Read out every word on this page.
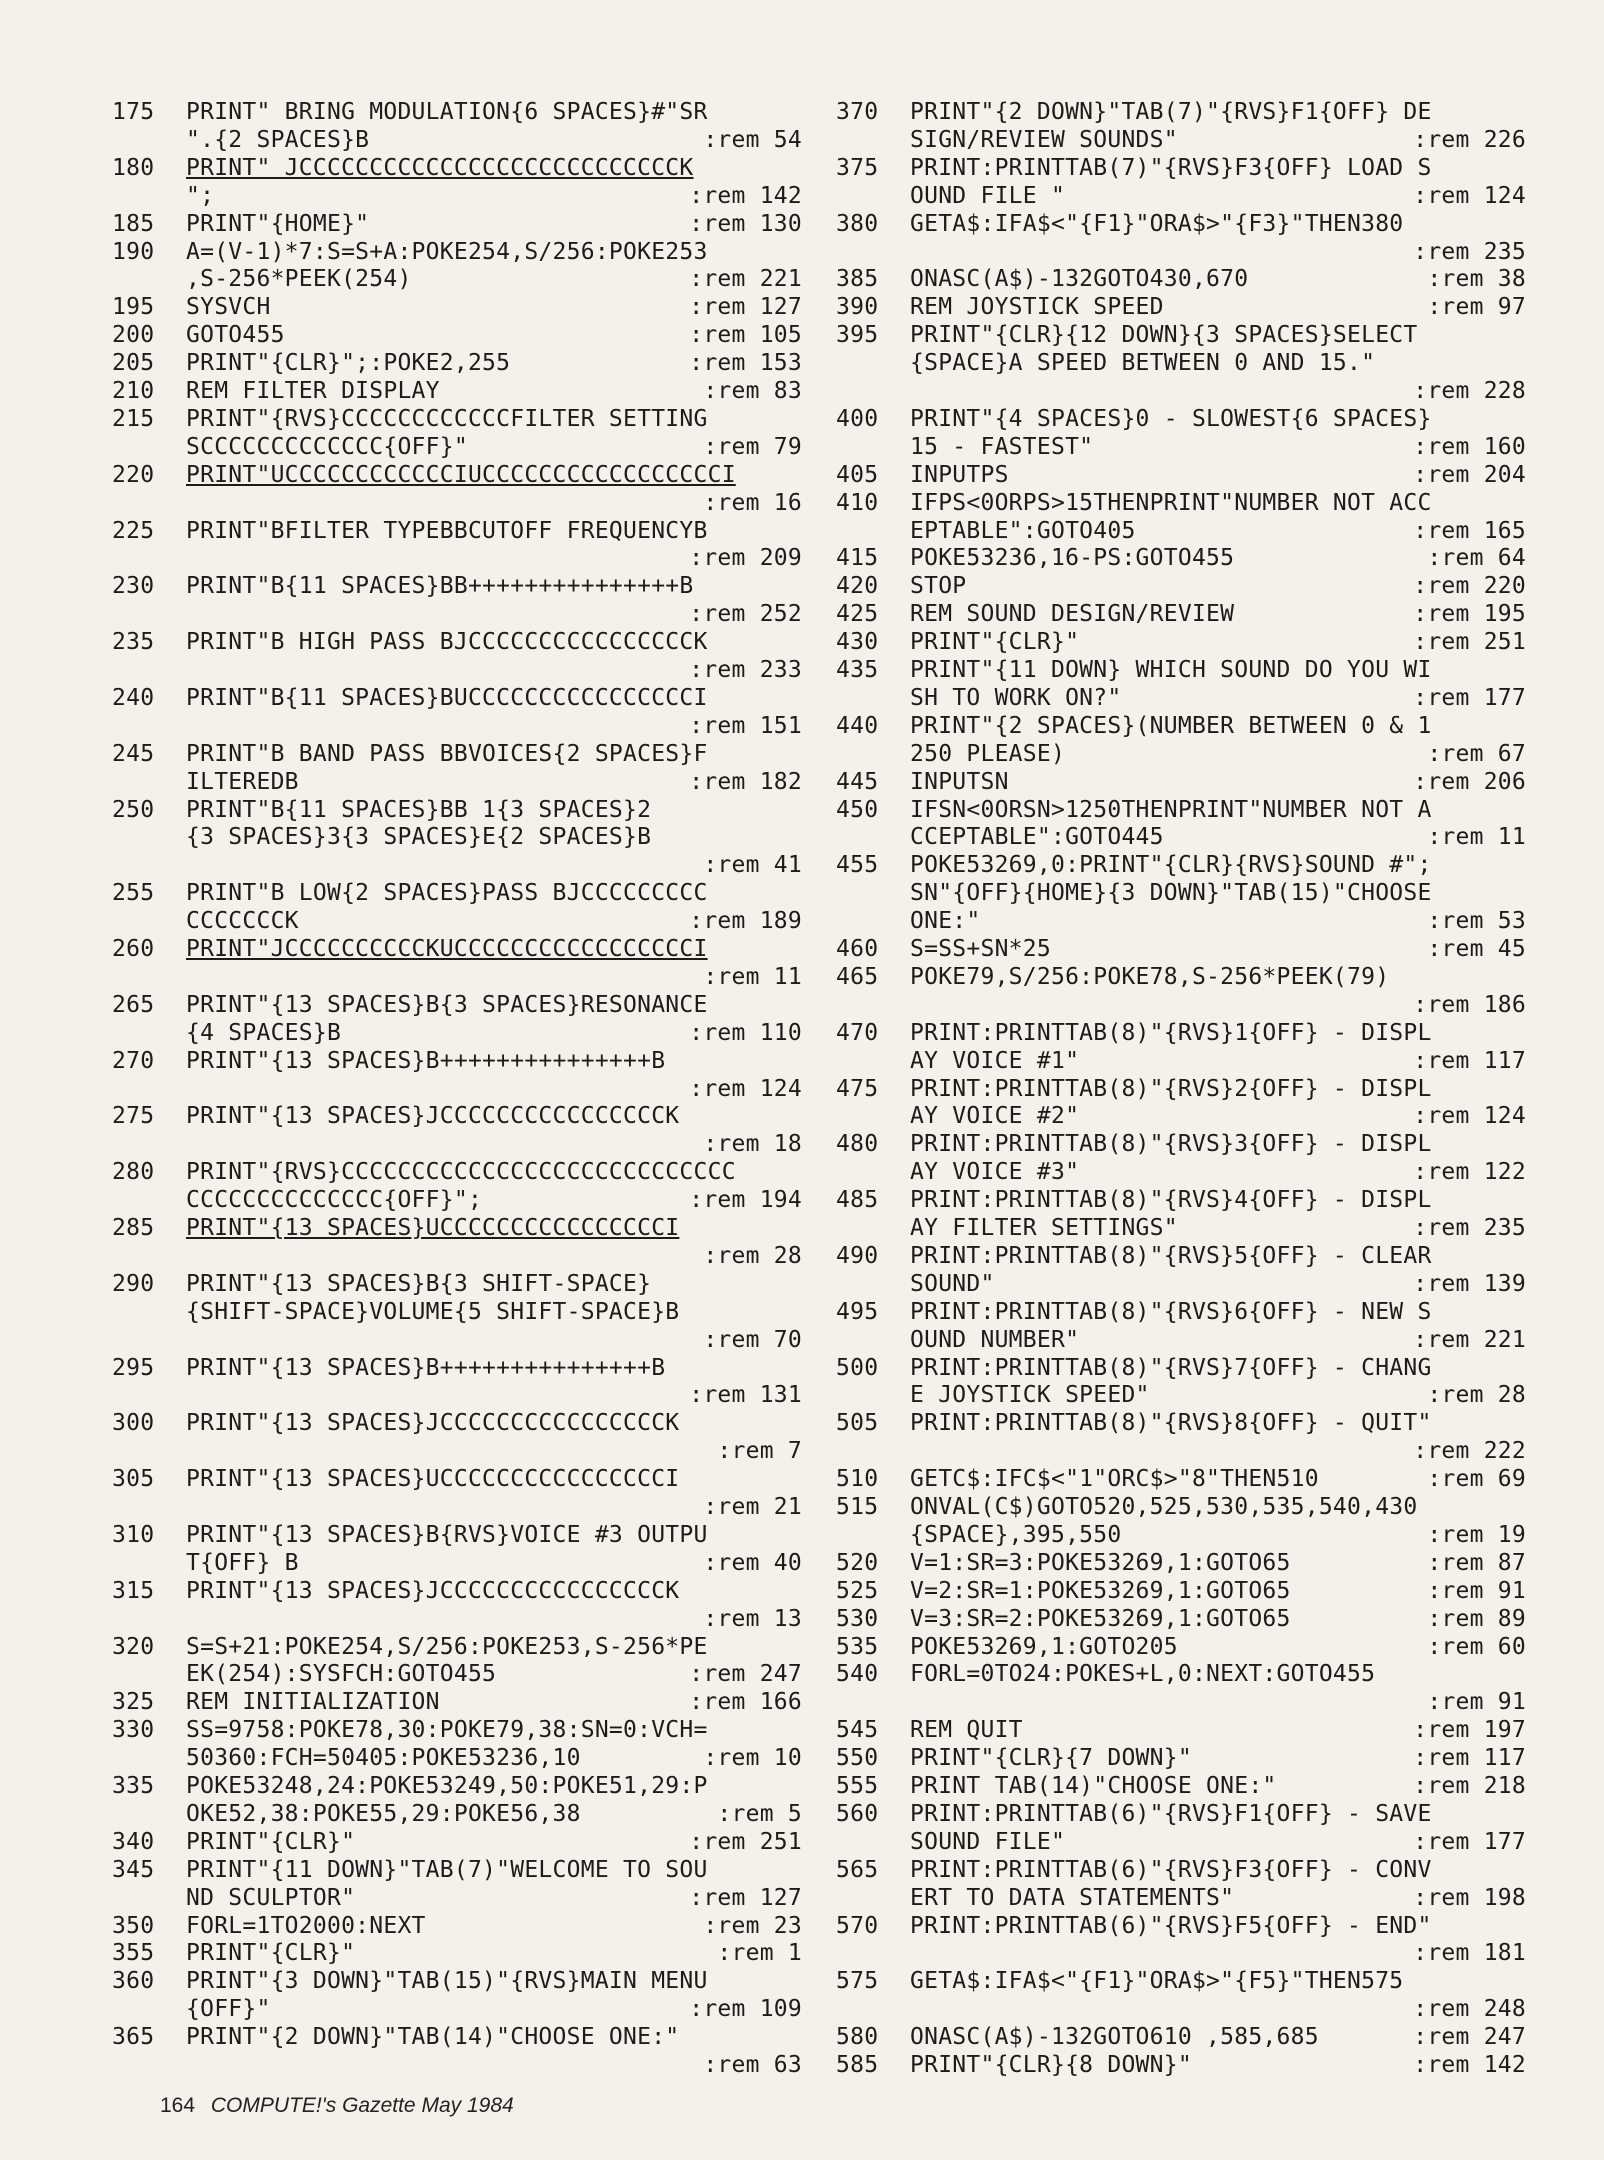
175	PRINT" BRING MODULATION{6 SPACES}#"SR
".{2 SPACES}B	:rem 54
180	PRINT" JCCCCCCCCCCCCCCCCCCCCCCCCCCCK
";	:rem 142
185	PRINT"{HOME}"	:rem 130
190	A=(V-1)*7:S=S+A:POKE254,S/256:POKE253
,S-256*PEEK(254)	:rem 221
195	SYSVCH	:rem 127
200	GOTO455	:rem 105
205	PRINT"{CLR}";:POKE2,255	:rem 153
210	REM FILTER DISPLAY	:rem 83
215	PRINT"{RVS}CCCCCCCCCCCCFILTER SETTING
SCCCCCCCCCCCCC{OFF}"	:rem 79
220	PRINT"UCCCCCCCCCCCCIUCCCCCCCCCCCCCCCCCI
:rem 16
225	PRINT"BFILTER TYPEBBCUTOFF FREQUENCYB
:rem 209
230	PRINT"B{11 SPACES}BB+++++++++++++++B
:rem 252
235	PRINT"B HIGH PASS BJCCCCCCCCCCCCCCCCK
:rem 233
240	PRINT"B{11 SPACES}BUCCCCCCCCCCCCCCCCI
:rem 151
245	PRINT"B BAND PASS BBVOICES{2 SPACES}F
ILTEREDB	:rem 182
250	PRINT"B{11 SPACES}BB 1{3 SPACES}2
{3 SPACES}3{3 SPACES}E{2 SPACES}B
:rem 41
255	PRINT"B LOW{2 SPACES}PASS BJCCCCCCCCC
CCCCCCCK	:rem 189
260	PRINT"JCCCCCCCCCCKUCCCCCCCCCCCCCCCCCI
:rem 11
265	PRINT"{13 SPACES}B{3 SPACES}RESONANCE
{4 SPACES}B	:rem 110
270	PRINT"{13 SPACES}B+++++++++++++++B
:rem 124
275	PRINT"{13 SPACES}JCCCCCCCCCCCCCCCCK
:rem 18
280	PRINT"{RVS}CCCCCCCCCCCCCCCCCCCCCCCCCCCC
CCCCCCCCCCCCCC{OFF}";	:rem 194
285	PRINT"{13 SPACES}UCCCCCCCCCCCCCCCCI
:rem 28
290	PRINT"{13 SPACES}B{3 SHIFT-SPACE}
{SHIFT-SPACE}VOLUME{5 SHIFT-SPACE}B
:rem 70
295	PRINT"{13 SPACES}B+++++++++++++++B
:rem 131
300	PRINT"{13 SPACES}JCCCCCCCCCCCCCCCCK
:rem 7
305	PRINT"{13 SPACES}UCCCCCCCCCCCCCCCCI
:rem 21
310	PRINT"{13 SPACES}B{RVS}VOICE #3 OUTPU
T{OFF} B	:rem 40
315	PRINT"{13 SPACES}JCCCCCCCCCCCCCCCCK
:rem 13
320	S=S+21:POKE254,S/256:POKE253,S-256*PE
EK(254):SYSFCH:GOTO455	:rem 247
325	REM INITIALIZATION	:rem 166
330	SS=9758:POKE78,30:POKE79,38:SN=0:VCH=
50360:FCH=50405:POKE53236,10	:rem 10
335	POKE53248,24:POKE53249,50:POKE51,29:P
OKE52,38:POKE55,29:POKE56,38	:rem 5
340	PRINT"{CLR}"	:rem 251
345	PRINT"{11 DOWN}"TAB(7)"WELCOME TO SOU
ND SCULPTOR"	:rem 127
350	FORL=1TO2000:NEXT	:rem 23
355	PRINT"{CLR}"	:rem 1
360	PRINT"{3 DOWN}"TAB(15)"{RVS}MAIN MENU
{OFF}"	:rem 109
365	PRINT"{2 DOWN}"TAB(14)"CHOOSE ONE:"
:rem 63
370	PRINT"{2 DOWN}"TAB(7)"{RVS}F1{OFF} DE
SIGN/REVIEW SOUNDS"	:rem 226
375	PRINT:PRINTTAB(7)"{RVS}F3{OFF} LOAD S
OUND FILE "	:rem 124
380	GETA$:IFA$<"{F1}"ORA$>"{F3}"THEN380
:rem 235
385	ONASC(A$)-132GOTO430,670	:rem 38
390	REM JOYSTICK SPEED	:rem 97
395	PRINT"{CLR}{12 DOWN}{3 SPACES}SELECT
{SPACE}A SPEED BETWEEN 0 AND 15."
:rem 228
400	PRINT"{4 SPACES}0 - SLOWEST{6 SPACES}
15 - FASTEST"	:rem 160
405	INPUTPS	:rem 204
410	IFPS<0ORPS>15THENPRINT"NUMBER NOT ACC
EPTABLE":GOTO405	:rem 165
415	POKE53236,16-PS:GOTO455	:rem 64
420	STOP	:rem 220
425	REM SOUND DESIGN/REVIEW	:rem 195
430	PRINT"{CLR}"	:rem 251
435	PRINT"{11 DOWN} WHICH SOUND DO YOU WI
SH TO WORK ON?"	:rem 177
440	PRINT"{2 SPACES}(NUMBER BETWEEN 0 & 1
250 PLEASE)	:rem 67
445	INPUTSN	:rem 206
450	IFSN<0ORSN>1250THENPRINT"NUMBER NOT A
CCEPTABLE":GOTO445	:rem 11
455	POKE53269,0:PRINT"{CLR}{RVS}SOUND #";
SN"{OFF}{HOME}{3 DOWN}"TAB(15)"CHOOSE
ONE:"	:rem 53
460	S=SS+SN*25	:rem 45
465	POKE79,S/256:POKE78,S-256*PEEK(79)
:rem 186
470	PRINT:PRINTTAB(8)"{RVS}1{OFF} - DISPL
AY VOICE #1"	:rem 117
475	PRINT:PRINTTAB(8)"{RVS}2{OFF} - DISPL
AY VOICE #2"	:rem 124
480	PRINT:PRINTTAB(8)"{RVS}3{OFF} - DISPL
AY VOICE #3"	:rem 122
485	PRINT:PRINTTAB(8)"{RVS}4{OFF} - DISPL
AY FILTER SETTINGS"	:rem 235
490	PRINT:PRINTTAB(8)"{RVS}5{OFF} - CLEAR
SOUND"	:rem 139
495	PRINT:PRINTTAB(8)"{RVS}6{OFF} - NEW S
OUND NUMBER"	:rem 221
500	PRINT:PRINTTAB(8)"{RVS}7{OFF} - CHANG
E JOYSTICK SPEED"	:rem 28
505	PRINT:PRINTTAB(8)"{RVS}8{OFF} - QUIT"
:rem 222
510	GETC$:IFC$<"1"ORC$>"8"THEN510	:rem 69
515	ONVAL(C$)GOTO520,525,530,535,540,430
{SPACE},395,550	:rem 19
520	V=1:SR=3:POKE53269,1:GOTO65	:rem 87
525	V=2:SR=1:POKE53269,1:GOTO65	:rem 91
530	V=3:SR=2:POKE53269,1:GOTO65	:rem 89
535	POKE53269,1:GOTO205	:rem 60
540	FORL=0TO24:POKES+L,0:NEXT:GOTO455
:rem 91
545	REM QUIT	:rem 197
550	PRINT"{CLR}{7 DOWN}"	:rem 117
555	PRINT TAB(14)"CHOOSE ONE:"	:rem 218
560	PRINT:PRINTTAB(6)"{RVS}F1{OFF} - SAVE
SOUND FILE"	:rem 177
565	PRINT:PRINTTAB(6)"{RVS}F3{OFF} - CONV
ERT TO DATA STATEMENTS"	:rem 198
570	PRINT:PRINTTAB(6)"{RVS}F5{OFF} - END"
:rem 181
575	GETA$:IFA$<"{F1}"ORA$>"{F5}"THEN575
:rem 248
580	ONASC(A$)-132GOTO610 ,585,685	:rem 247
585	PRINT"{CLR}{8 DOWN}"	:rem 142
164 COMPUTE!'s Gazette May 1984
